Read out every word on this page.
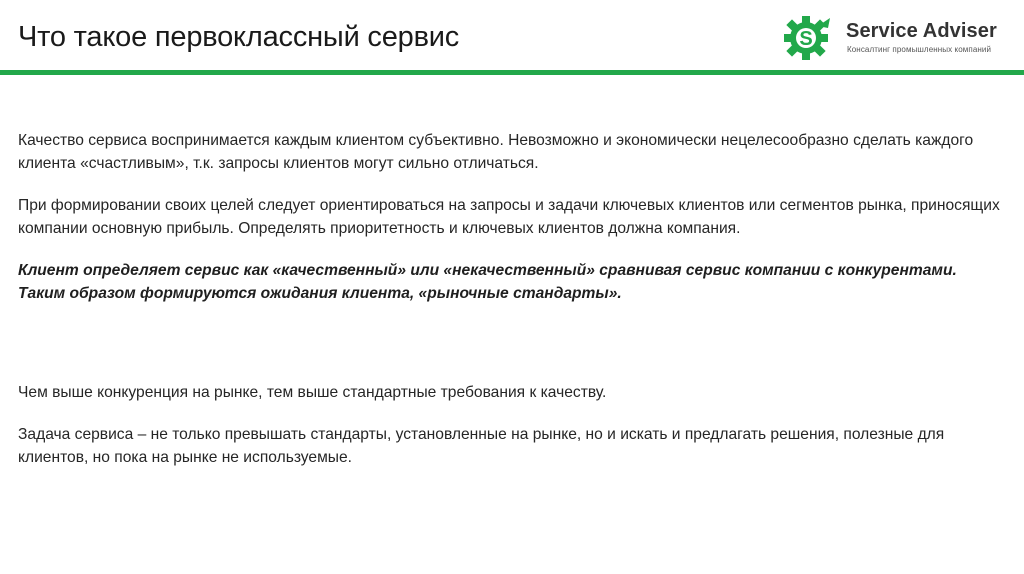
Что такое первоклассный сервис	S Service Adviser
Консалтинг промышленных компаний

Качество сервиса воспринимается каждым клиентом субъективно. Невозможно и экономически нецелесообразно сделать каждого клиента «счастливым», т.к. запросы клиентов могут сильно отличаться.

При формировании своих целей следует ориентироваться на запросы и задачи ключевых клиентов или сегментов рынка, приносящих компании основную прибыль. Определять приоритетность и ключевых клиентов должна компания.

Клиент определяет сервис как «качественный» или «некачественный» сравнивая сервис компании с конкурентами. Таким образом формируются ожидания клиента, «рыночные стандарты».

Чем выше конкуренция на рынке, тем выше стандартные требования к качеству.

Задача сервиса – не только превышать стандарты, установленные на рынке, но и искать и предлагать решения, полезные для клиентов, но пока на рынке не используемые.
